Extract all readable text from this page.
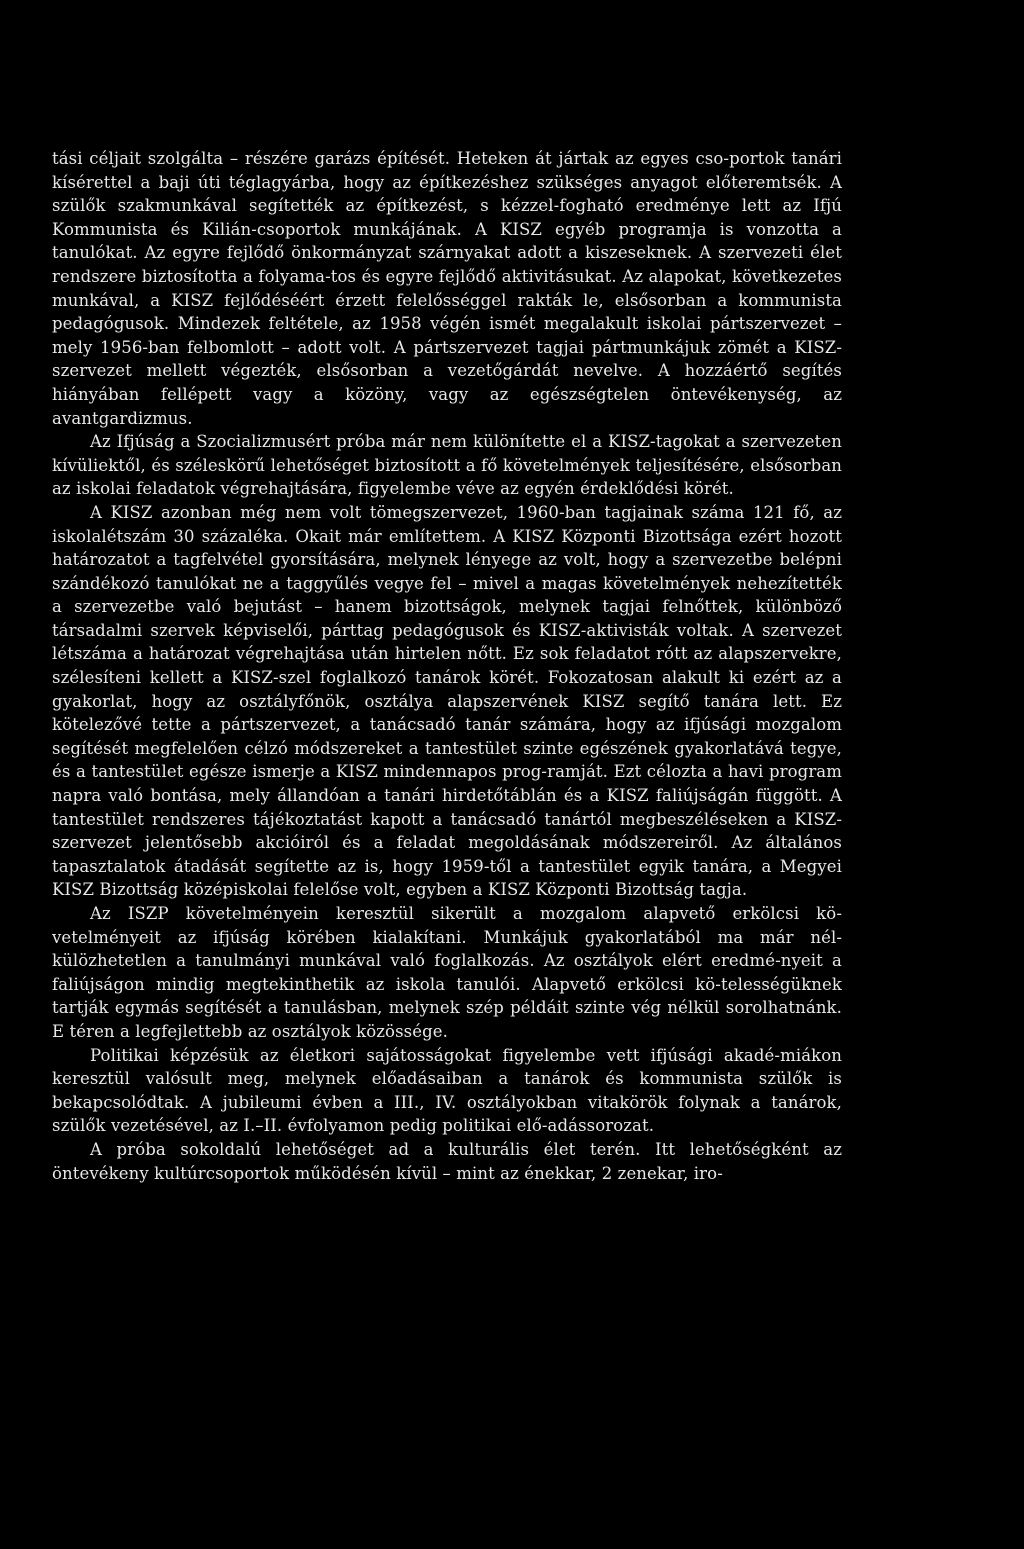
tási céljait szolgálta – részére garázs építését. Heteken át jártak az egyes cso-portok tanári kísérettel a baji úti téglagyárba, hogy az építkezéshez szükséges anyagot előteremtsék. A szülők szakmunkával segítették az építkezést, s kézzel-fogható eredménye lett az Ifjú Kommunista és Kilián-csoportok munkájának. A KISZ egyéb programja is vonzotta a tanulókat. Az egyre fejlődő önkormányzat szárnyakat adott a kiszeseknek. A szervezeti élet rendszere biztosította a folyama-tos és egyre fejlődő aktivitásukat. Az alapokat, következetes munkával, a KISZ fejlődéséért érzett felelősséggel rakták le, elsősorban a kommunista pedagógusok. Mindezek feltétele, az 1958 végén ismét megalakult iskolai pártszervezet – mely 1956-ban felbomlott – adott volt. A pártszervezet tagjai pártmunkájuk zömét a KISZ-szervezet mellett végezték, elsősorban a vezetőgárdát nevelve. A hozzáértő segítés hiányában fellépett vagy a közöny, vagy az egészségtelen öntevékenység, az avantgardizmus.

Az Ifjúság a Szocializmusért próba már nem különítette el a KISZ-tagokat a szervezeten kívüliektől, és széleskörű lehetőséget biztosított a fő követelmények teljesítésére, elsősorban az iskolai feladatok végrehajtására, figyelembe véve az egyén érdeklődési körét.

A KISZ azonban még nem volt tömegszervezet, 1960-ban tagjainak száma 121 fő, az iskolalétszám 30 százaléka. Okait már említettem. A KISZ Központi Bizottsága ezért hozott határozatot a tagfelvétel gyorsítására, melynek lényege az volt, hogy a szervezetbe belépni szándékozó tanulókat ne a taggyűlés vegye fel – mivel a magas követelmények nehezítették a szervezetbe való bejutást – hanem bizottságok, melynek tagjai felnőttek, különböző társadalmi szervek képviselői, párttag pedagógusok és KISZ-aktivisták voltak. A szervezet létszáma a határozat végrehajtása után hirtelen nőtt. Ez sok feladatot rótt az alapszervekre, szélesíteni kellett a KISZ-szel foglalkozó tanárok körét. Fokozatosan alakult ki ezért az a gyakorlat, hogy az osztályfőnök, osztálya alapszervének KISZ segítő tanára lett. Ez kötelezővé tette a pártszervezet, a tanácsadó tanár számára, hogy az ifjúsági mozgalom segítését megfelelően célzó módszereket a tantestület szinte egészének gyakorlatává tegye, és a tantestület egésze ismerje a KISZ mindennapos prog-ramját. Ezt célozta a havi program napra való bontása, mely állandóan a tanári hirdetőtáblán és a KISZ faliújságán függött. A tantestület rendszeres tájékoztatást kapott a tanácsadó tanártól megbeszéléseken a KISZ-szervezet jelentősebb akcióiról és a feladat megoldásának módszereiről. Az általános tapasztalatok átadását segítette az is, hogy 1959-től a tantestület egyik tanára, a Megyei KISZ Bizottság középiskolai felelőse volt, egyben a KISZ Központi Bizottság tagja.

Az ISZP követelményein keresztül sikerült a mozgalom alapvető erkölcsi kö-vetelményeit az ifjúság körében kialakítani. Munkájuk gyakorlatából ma már nél-külözhetetlen a tanulmányi munkával való foglalkozás. Az osztályok elért eredmé-nyeit a faliújságon mindig megtekinthetik az iskola tanulói. Alapvető erkölcsi kö-telességüknek tartják egymás segítését a tanulásban, melynek szép példáit szinte vég nélkül sorolhatnánk. E téren a legfejlettebb az osztályok közössége.

Politikai képzésük az életkori sajátosságokat figyelembe vett ifjúsági akadé-miákon keresztül valósult meg, melynek előadásaiban a tanárok és kommunista szülők is bekapcsolódtak. A jubileumi évben a III., IV. osztályokban vitakörök folynak a tanárok, szülők vezetésével, az I.–II. évfolyamon pedig politikai elő-adássorozat.

A próba sokoldalú lehetőséget ad a kulturális élet terén. Itt lehetőségként az öntevékeny kultúrcsoportok működésén kívül – mint az énekkar, 2 zenekar, iro-
